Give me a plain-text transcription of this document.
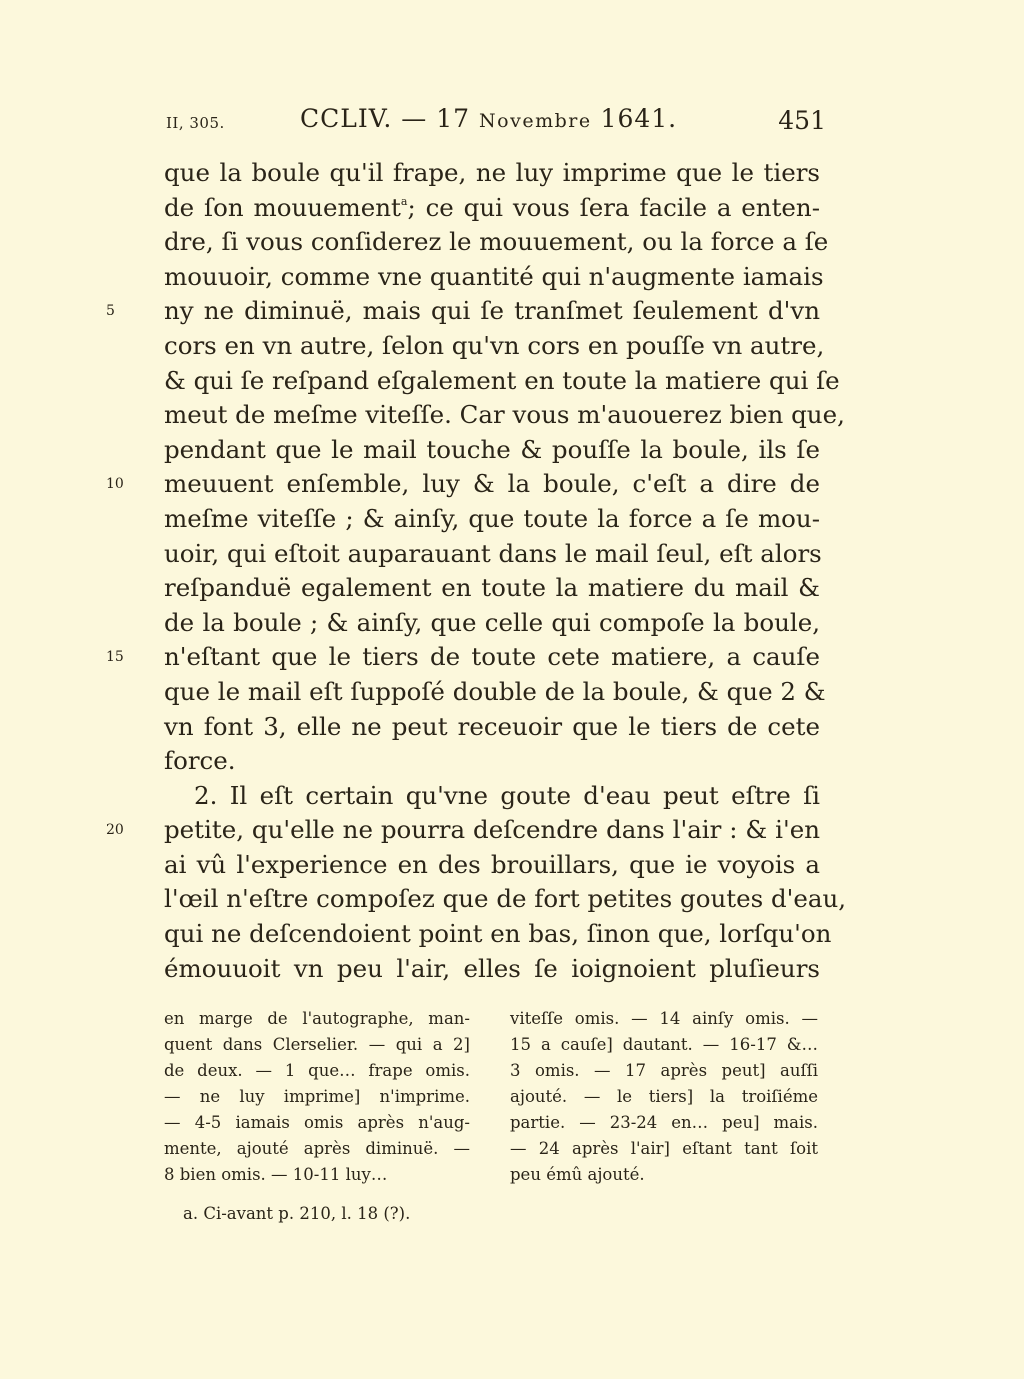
II, 305.	CCLIV. — 17 Novembre 1641.	451
que la boule qu'il frape, ne luy imprime que le tiers
de ſon mouuement$^a$; ce qui vous ſera facile a enten-
dre, ſi vous conſiderez le mouuement, ou la force a ſe
mouuoir, comme vne quantité qui n'augmente iamais
5	ny ne diminuë, mais qui ſe tranſmet ſeulement d'vn
cors en vn autre, ſelon qu'vn cors en pouſſe vn autre,
& qui ſe reſpand eſgalement en toute la matiere qui ſe
meut de meſme viteſſe. Car vous m'auouerez bien que,
pendant que le mail touche & pouſſe la boule, ils ſe
10	meuuent enſemble, luy & la boule, c'eſt a dire de
meſme viteſſe ; & ainſy, que toute la force a ſe mou-
uoir, qui eſtoit auparauant dans le mail ſeul, eſt alors
reſpanduë egalement en toute la matiere du mail &
de la boule ; & ainſy, que celle qui compoſe la boule,
15	n'eſtant que le tiers de toute cete matiere, a cauſe
que le mail eſt ſuppoſé double de la boule, & que 2 &
vn font 3, elle ne peut receuoir que le tiers de cete
force.
2. Il eſt certain qu'vne goute d'eau peut eſtre ſi
20	petite, qu'elle ne pourra deſcendre dans l'air : & i'en
ai vû l'experience en des brouillars, que ie voyois a
l'œil n'eſtre compoſez que de fort petites goutes d'eau,
qui ne deſcendoient point en bas, ſinon que, lorſqu'on
émouuoit vn peu l'air, elles ſe ioignoient pluſieurs
en marge de l'autographe, man-
quent dans Clerselier. — qui a 2]
de deux. — 1 que… frape omis.
— ne luy imprime] n'imprime.
— 4-5 iamais omis après n'aug-
mente, ajouté après diminuë. —
8 bien omis. — 10-11 luy…
viteſſe omis. — 14 ainſy omis. —
15 a cauſe] dautant. — 16-17 &…
3 omis. — 17 après peut] auſſi
ajouté. — le tiers] la troiſiéme
partie. — 23-24 en… peu] mais.
— 24 après l'air] eſtant tant ſoit
peu émû ajouté.
a. Ci-avant p. 210, l. 18 (?).
